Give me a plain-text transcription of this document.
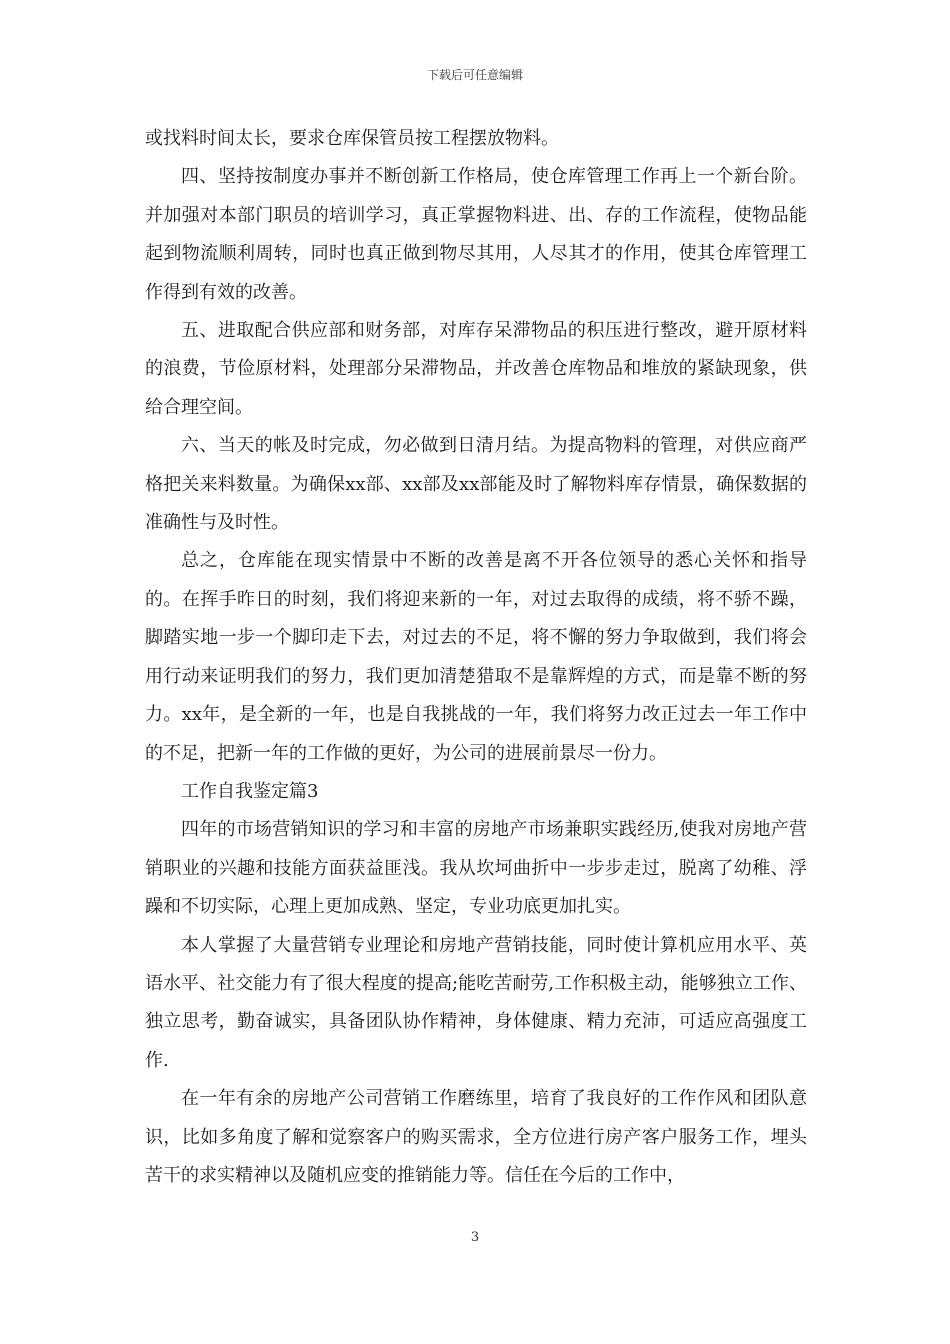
下载后可任意编辑

或找料时间太长，要求仓库保管员按工程摆放物料。

四、坚持按制度办事并不断创新工作格局，使仓库管理工作再上一个新台阶。并加强对本部门职员的培训学习，真正掌握物料进、出、存的工作流程，使物品能起到物流顺利周转，同时也真正做到物尽其用，人尽其才的作用，使其仓库管理工作得到有效的改善。

五、进取配合供应部和财务部，对库存呆滞物品的积压进行整改，避开原材料的浪费，节俭原材料，处理部分呆滞物品，并改善仓库物品和堆放的紧缺现象，供给合理空间。

六、当天的帐及时完成，勿必做到日清月结。为提高物料的管理，对供应商严格把关来料数量。为确保xx部、xx部及xx部能及时了解物料库存情景，确保数据的准确性与及时性。

总之，仓库能在现实情景中不断的改善是离不开各位领导的悉心关怀和指导的。在挥手昨日的时刻，我们将迎来新的一年，对过去取得的成绩，将不骄不躁，脚踏实地一步一个脚印走下去，对过去的不足，将不懈的努力争取做到，我们将会用行动来证明我们的努力，我们更加清楚猎取不是靠辉煌的方式，而是靠不断的努力。xx年，是全新的一年，也是自我挑战的一年，我们将努力改正过去一年工作中的不足，把新一年的工作做的更好，为公司的进展前景尽一份力。

工作自我鉴定篇3

四年的市场营销知识的学习和丰富的房地产市场兼职实践经历,使我对房地产营销职业的兴趣和技能方面获益匪浅。我从坎坷曲折中一步步走过，脱离了幼稚、浮躁和不切实际，心理上更加成熟、坚定，专业功底更加扎实。

本人掌握了大量营销专业理论和房地产营销技能，同时使计算机应用水平、英语水平、社交能力有了很大程度的提高;能吃苦耐劳,工作积极主动，能够独立工作、独立思考，勤奋诚实，具备团队协作精神，身体健康、精力充沛，可适应高强度工作.

在一年有余的房地产公司营销工作磨练里，培育了我良好的工作作风和团队意识，比如多角度了解和觉察客户的购买需求，全方位进行房产客户服务工作，埋头苦干的求实精神以及随机应变的推销能力等。信任在今后的工作中，

3
